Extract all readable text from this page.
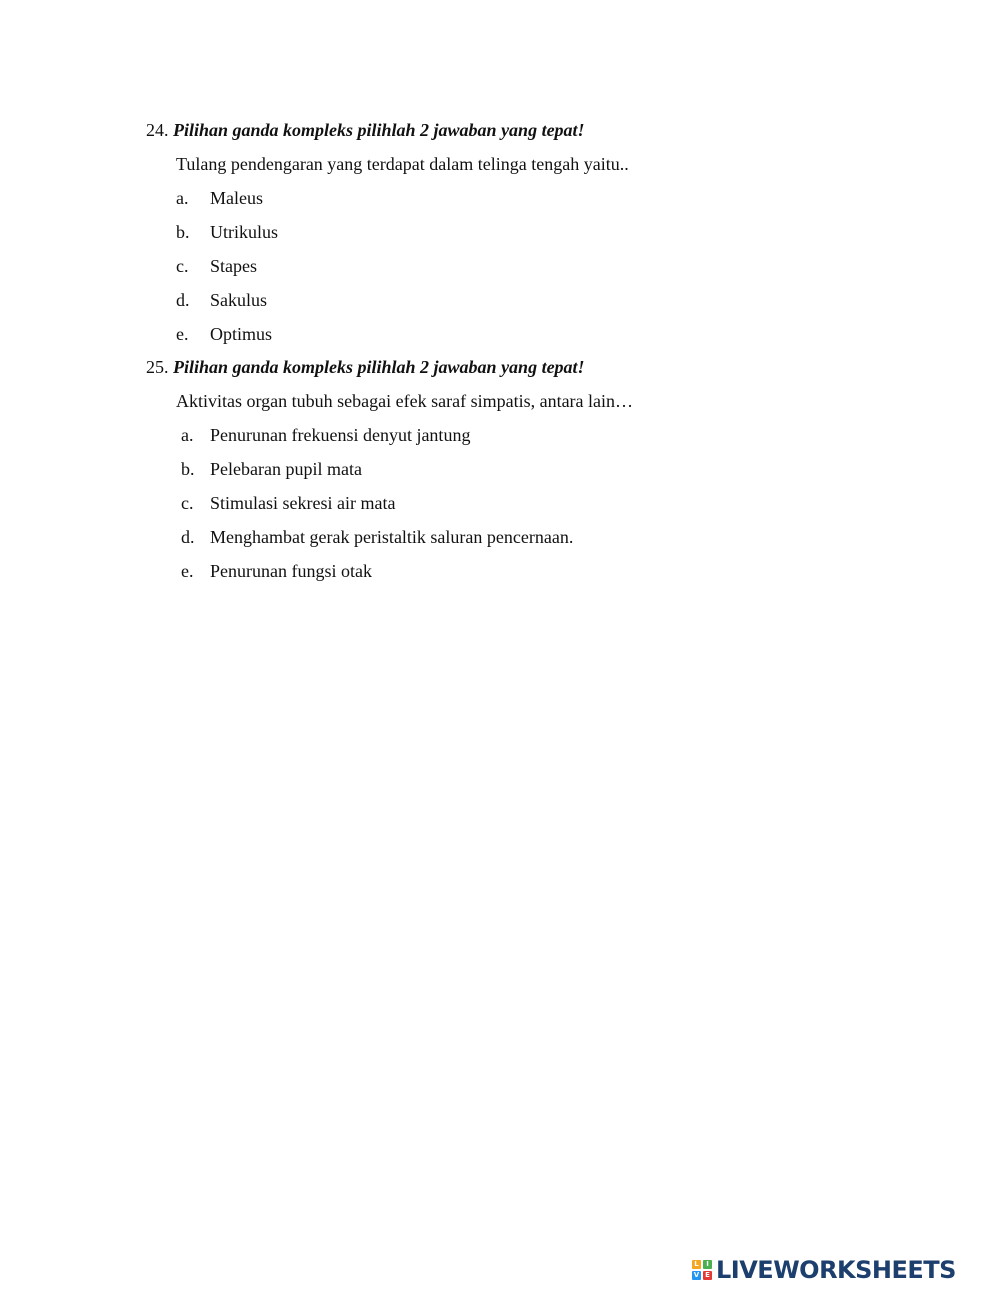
24. Pilihan ganda kompleks pilihlah 2 jawaban yang tepat!
Tulang pendengaran yang terdapat dalam telinga tengah yaitu..
a. Maleus
b. Utrikulus
c. Stapes
d. Sakulus
e. Optimus
25. Pilihan ganda kompleks pilihlah 2 jawaban yang tepat!
Aktivitas organ tubuh sebagai efek saraf simpatis, antara lain…
a. Penurunan frekuensi denyut jantung
b. Pelebaran pupil mata
c. Stimulasi sekresi air mata
d. Menghambat gerak peristaltik saluran pencernaan.
e. Penurunan fungsi otak
L	I
V E LIVEWORKSHEETS
